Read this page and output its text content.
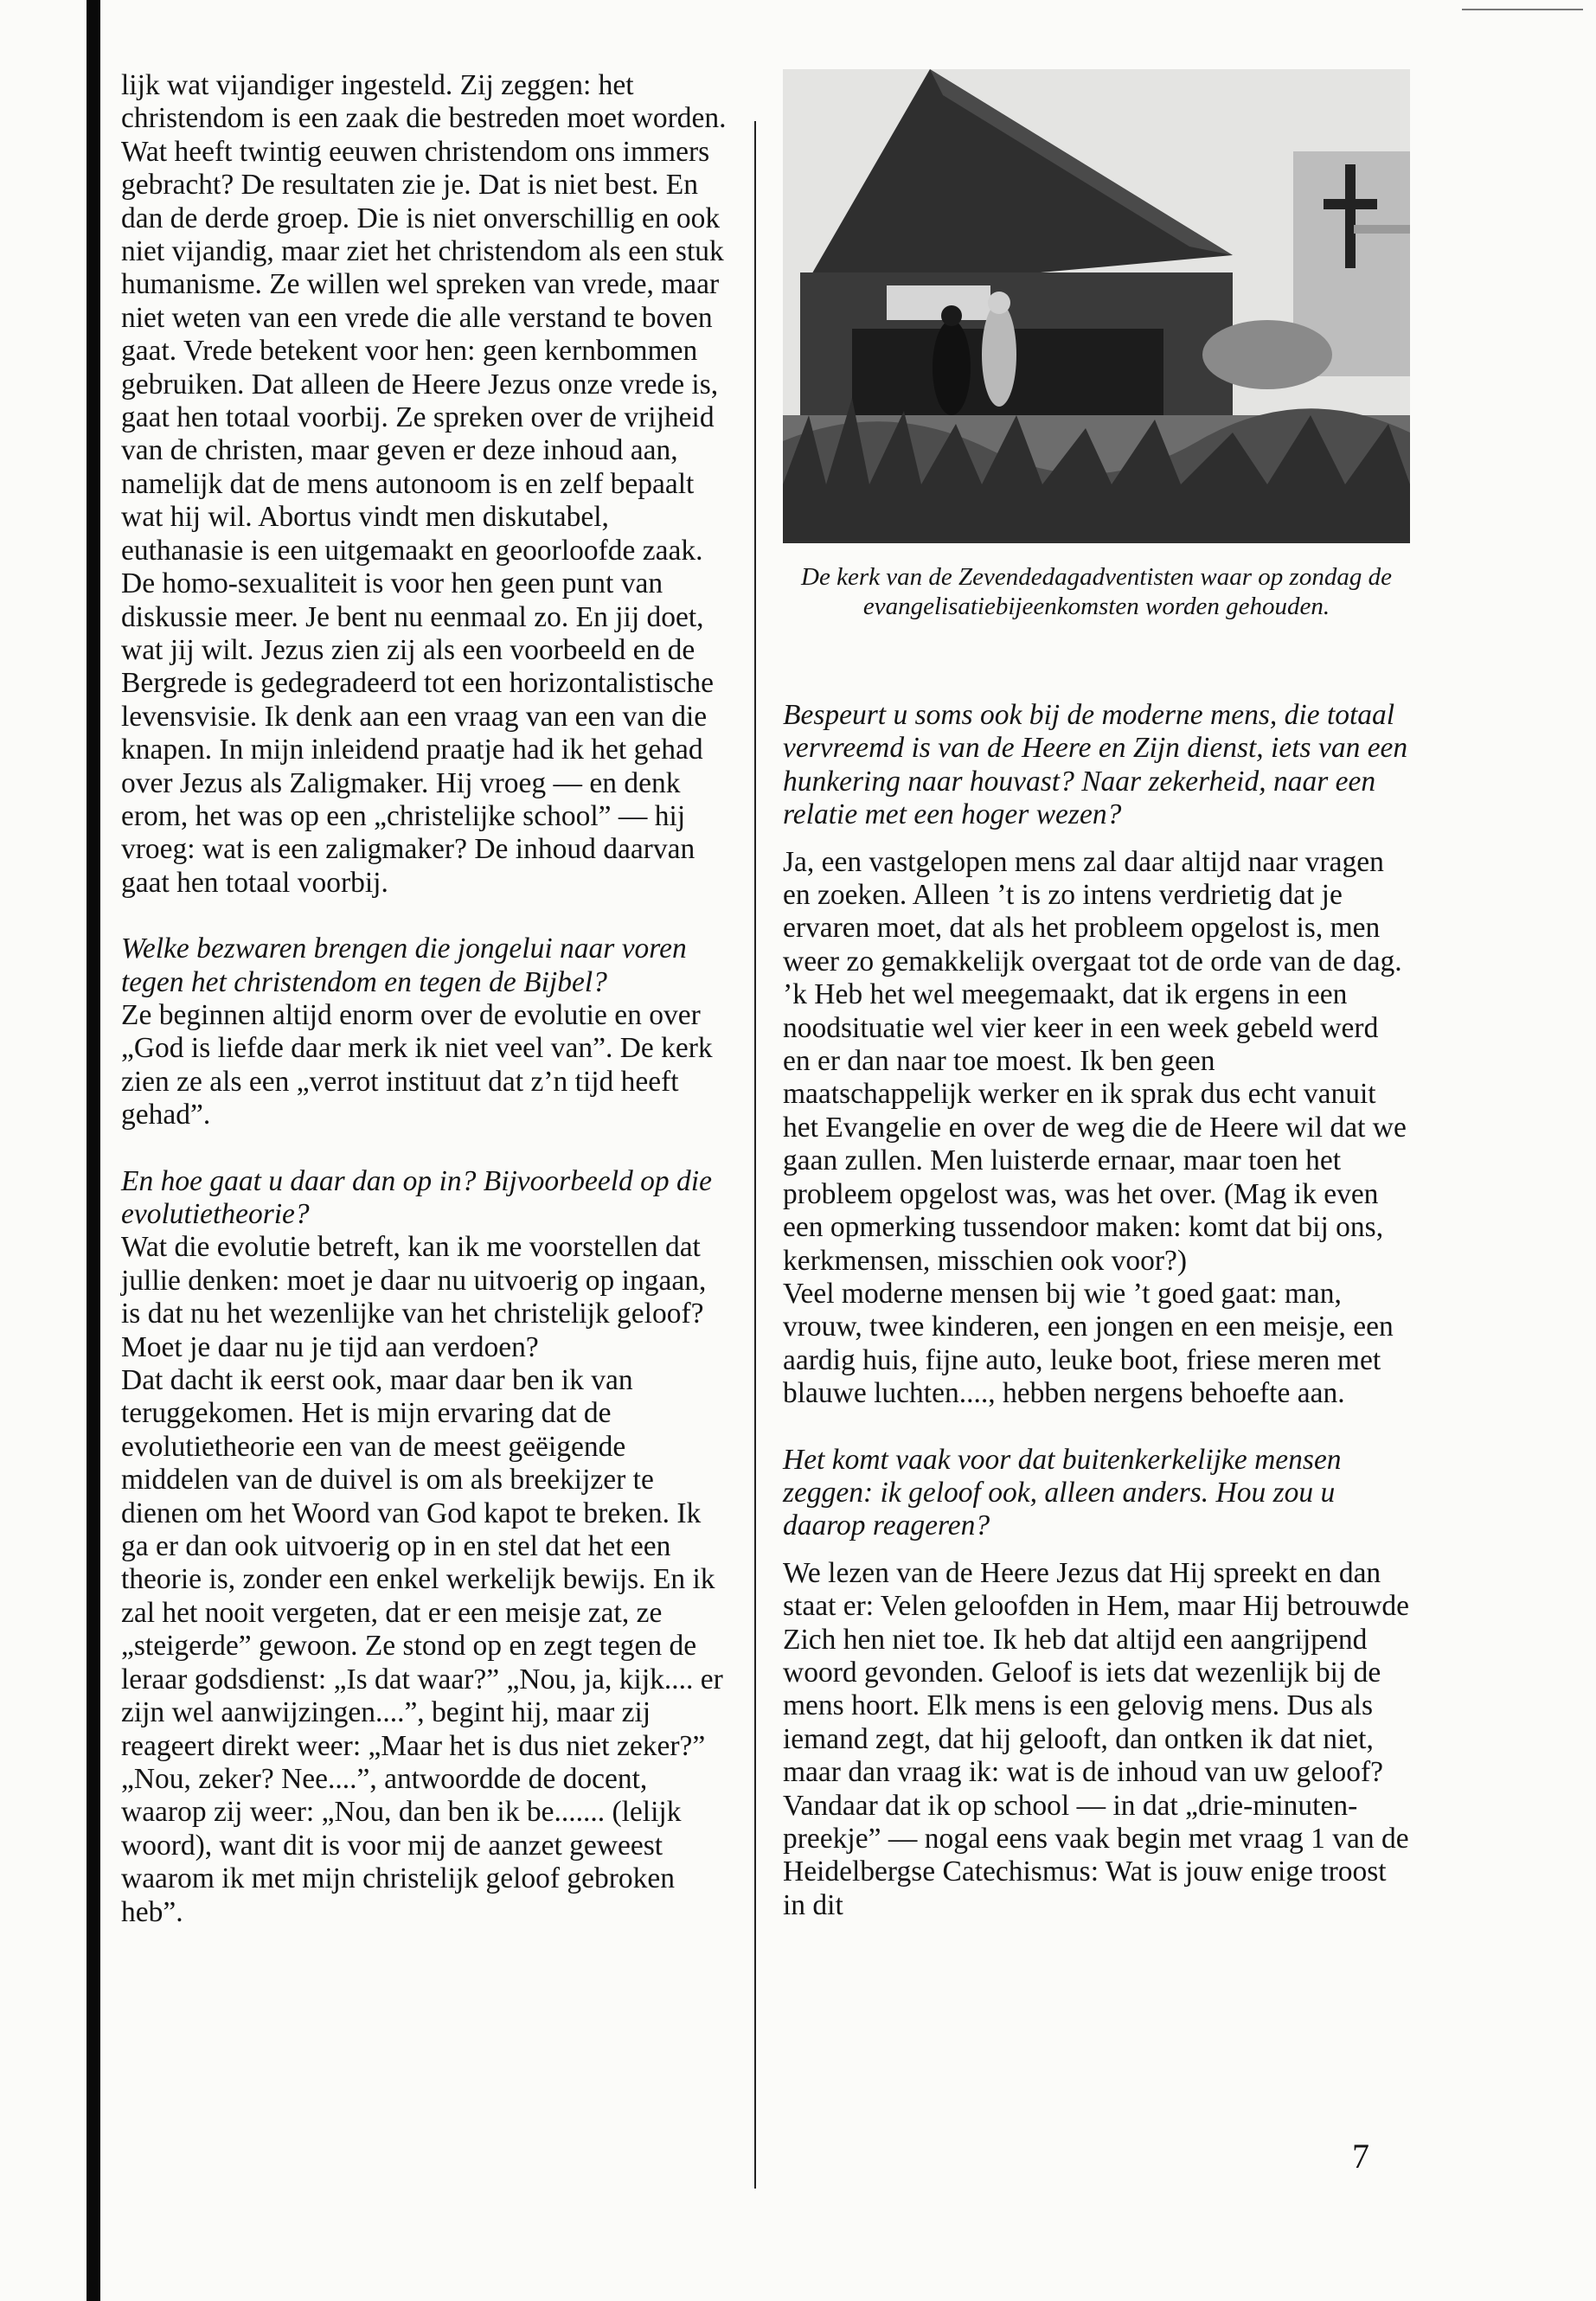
lijk wat vijandiger ingesteld. Zij zeggen: het christendom is een zaak die bestreden moet worden. Wat heeft twintig eeuwen christendom ons immers gebracht? De resultaten zie je. Dat is niet best. En dan de derde groep. Die is niet onverschillig en ook niet vijandig, maar ziet het christendom als een stuk humanisme. Ze willen wel spreken van vrede, maar niet weten van een vrede die alle verstand te boven gaat. Vrede betekent voor hen: geen kernbommen gebruiken. Dat alleen de Heere Jezus onze vrede is, gaat hen totaal voorbij. Ze spreken over de vrijheid van de christen, maar geven er deze inhoud aan, namelijk dat de mens autonoom is en zelf bepaalt wat hij wil. Abortus vindt men diskutabel, euthanasie is een uitgemaakt en geoorloofde zaak. De homo-sexualiteit is voor hen geen punt van diskussie meer. Je bent nu eenmaal zo. En jij doet, wat jij wilt. Jezus zien zij als een voorbeeld en de Bergrede is gedegradeerd tot een horizontalistische levensvisie. Ik denk aan een vraag van een van die knapen. In mijn inleidend praatje had ik het gehad over Jezus als Zaligmaker. Hij vroeg — en denk erom, het was op een „christelijke school” — hij vroeg: wat is een zaligmaker? De inhoud daarvan gaat hen totaal voorbij.

Welke bezwaren brengen die jongelui naar voren tegen het christendom en tegen de Bijbel?

Ze beginnen altijd enorm over de evolutie en over „God is liefde daar merk ik niet veel van”. De kerk zien ze als een „verrot instituut dat z’n tijd heeft gehad”.

En hoe gaat u daar dan op in? Bijvoorbeeld op die evolutietheorie?

Wat die evolutie betreft, kan ik me voorstellen dat jullie denken: moet je daar nu uitvoerig op ingaan, is dat nu het wezenlijke van het christelijk geloof? Moet je daar nu je tijd aan verdoen?

Dat dacht ik eerst ook, maar daar ben ik van teruggekomen. Het is mijn ervaring dat de evolutietheorie een van de meest geëigende middelen van de duivel is om als breekijzer te dienen om het Woord van God kapot te breken. Ik ga er dan ook uitvoerig op in en stel dat het een theorie is, zonder een enkel werkelijk bewijs. En ik zal het nooit vergeten, dat er een meisje zat, ze „steigerde” gewoon. Ze stond op en zegt tegen de leraar godsdienst: „Is dat waar?” „Nou, ja, kijk.... er zijn wel aanwijzingen....”, begint hij, maar zij reageert direkt weer: „Maar het is dus niet zeker?” „Nou, zeker? Nee....”, antwoordde de docent, waarop zij weer: „Nou, dan ben ik be....... (lelijk woord), want dit is voor mij de aanzet geweest waarom ik met mijn christelijk geloof gebroken heb”.

De kerk van de Zevendedagadventisten waar op zondag de evangelisatiebijeenkomsten worden gehouden.

Bespeurt u soms ook bij de moderne mens, die totaal vervreemd is van de Heere en Zijn dienst, iets van een hunkering naar houvast? Naar zekerheid, naar een relatie met een hoger wezen?

Ja, een vastgelopen mens zal daar altijd naar vragen en zoeken. Alleen ’t is zo intens verdrietig dat je ervaren moet, dat als het probleem opgelost is, men weer zo gemakkelijk overgaat tot de orde van de dag. ’k Heb het wel meegemaakt, dat ik ergens in een noodsituatie wel vier keer in een week gebeld werd en er dan naar toe moest. Ik ben geen maatschappelijk werker en ik sprak dus echt vanuit het Evangelie en over de weg die de Heere wil dat we gaan zullen. Men luisterde ernaar, maar toen het probleem opgelost was, was het over. (Mag ik even een opmerking tussendoor maken: komt dat bij ons, kerkmensen, misschien ook voor?)

Veel moderne mensen bij wie ’t goed gaat: man, vrouw, twee kinderen, een jongen en een meisje, een aardig huis, fijne auto, leuke boot, friese meren met blauwe luchten...., hebben nergens behoefte aan.

Het komt vaak voor dat buitenkerkelijke mensen zeggen: ik geloof ook, alleen anders. Hou zou u daarop reageren?

We lezen van de Heere Jezus dat Hij spreekt en dan staat er: Velen geloofden in Hem, maar Hij betrouwde Zich hen niet toe. Ik heb dat altijd een aangrijpend woord gevonden. Geloof is iets dat wezenlijk bij de mens hoort. Elk mens is een gelovig mens. Dus als iemand zegt, dat hij gelooft, dan ontken ik dat niet, maar dan vraag ik: wat is de inhoud van uw geloof?

Vandaar dat ik op school — in dat „drie-minuten-preekje” — nogal eens vaak begin met vraag 1 van de Heidelbergse Catechismus: Wat is jouw enige troost in dit

7
